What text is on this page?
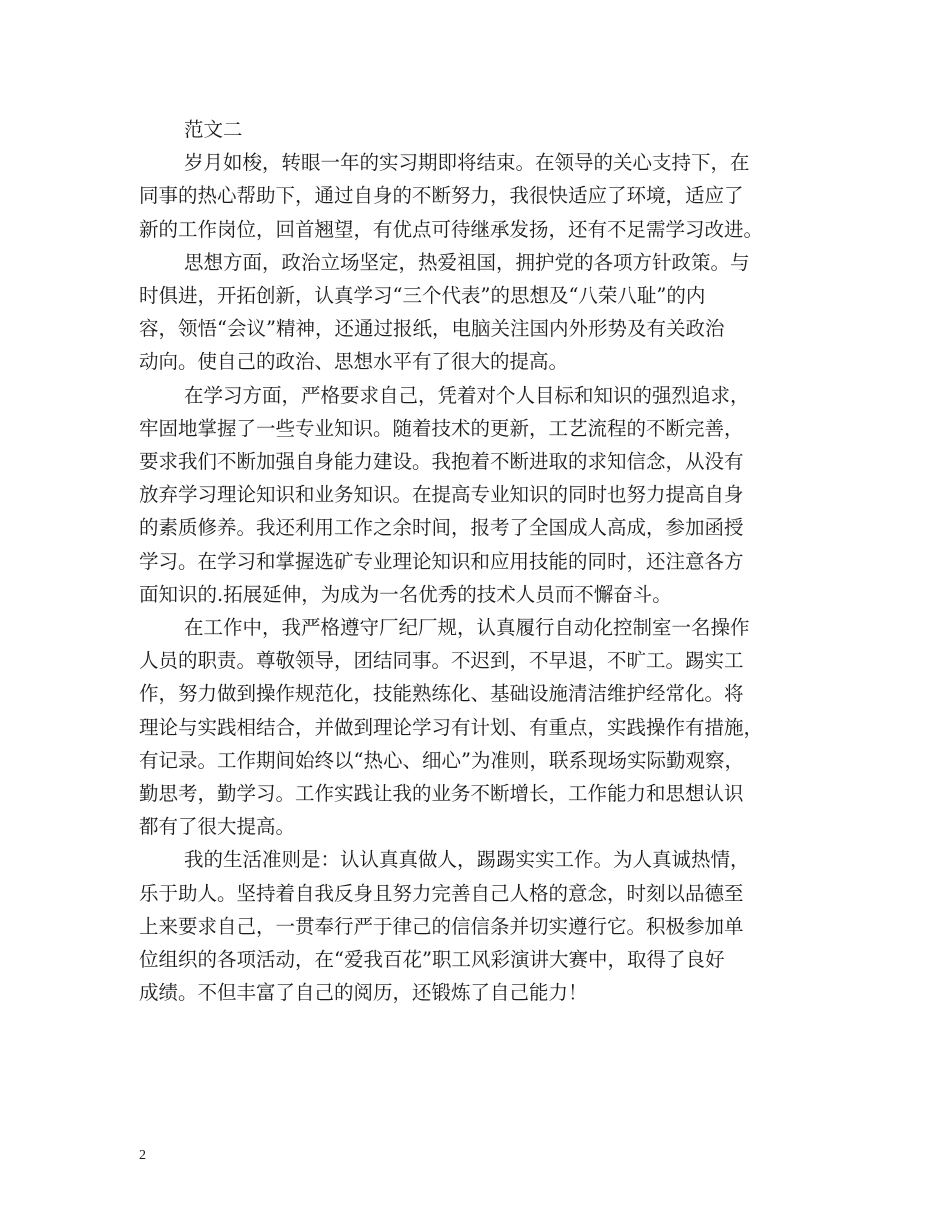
范文二
岁月如梭，转眼一年的实习期即将结束。在领导的关心支持下，在
同事的热心帮助下，通过自身的不断努力，我很快适应了环境，适应了
新的工作岗位，回首翘望，有优点可待继承发扬，还有不足需学习改进。
思想方面，政治立场坚定，热爱祖国，拥护党的各项方针政策。与
时俱进，开拓创新，认真学习“三个代表”的思想及“八荣八耻”的内
容，领悟“会议”精神，还通过报纸，电脑关注国内外形势及有关政治
动向。使自己的政治、思想水平有了很大的提高。
在学习方面，严格要求自己，凭着对个人目标和知识的强烈追求，
牢固地掌握了一些专业知识。随着技术的更新，工艺流程的不断完善，
要求我们不断加强自身能力建设。我抱着不断进取的求知信念，从没有
放弃学习理论知识和业务知识。在提高专业知识的同时也努力提高自身
的素质修养。我还利用工作之余时间，报考了全国成人高成，参加函授
学习。在学习和掌握选矿专业理论知识和应用技能的同时，还注意各方
面知识的.拓展延伸，为成为一名优秀的技术人员而不懈奋斗。
在工作中，我严格遵守厂纪厂规，认真履行自动化控制室一名操作
人员的职责。尊敬领导，团结同事。不迟到，不早退，不旷工。踢实工
作，努力做到操作规范化，技能熟练化、基础设施清洁维护经常化。将
理论与实践相结合，并做到理论学习有计划、有重点，实践操作有措施，
有记录。工作期间始终以“热心、细心”为准则，联系现场实际勤观察，
勤思考，勤学习。工作实践让我的业务不断增长，工作能力和思想认识
都有了很大提高。
我的生活准则是：认认真真做人，踢踢实实工作。为人真诚热情，
乐于助人。坚持着自我反身且努力完善自己人格的意念，时刻以品德至
上来要求自己，一贯奉行严于律己的信信条并切实遵行它。积极参加单
位组织的各项活动，在“爱我百花”职工风彩演讲大赛中，取得了良好
成绩。不但丰富了自己的阅历，还锻炼了自己能力！
2
